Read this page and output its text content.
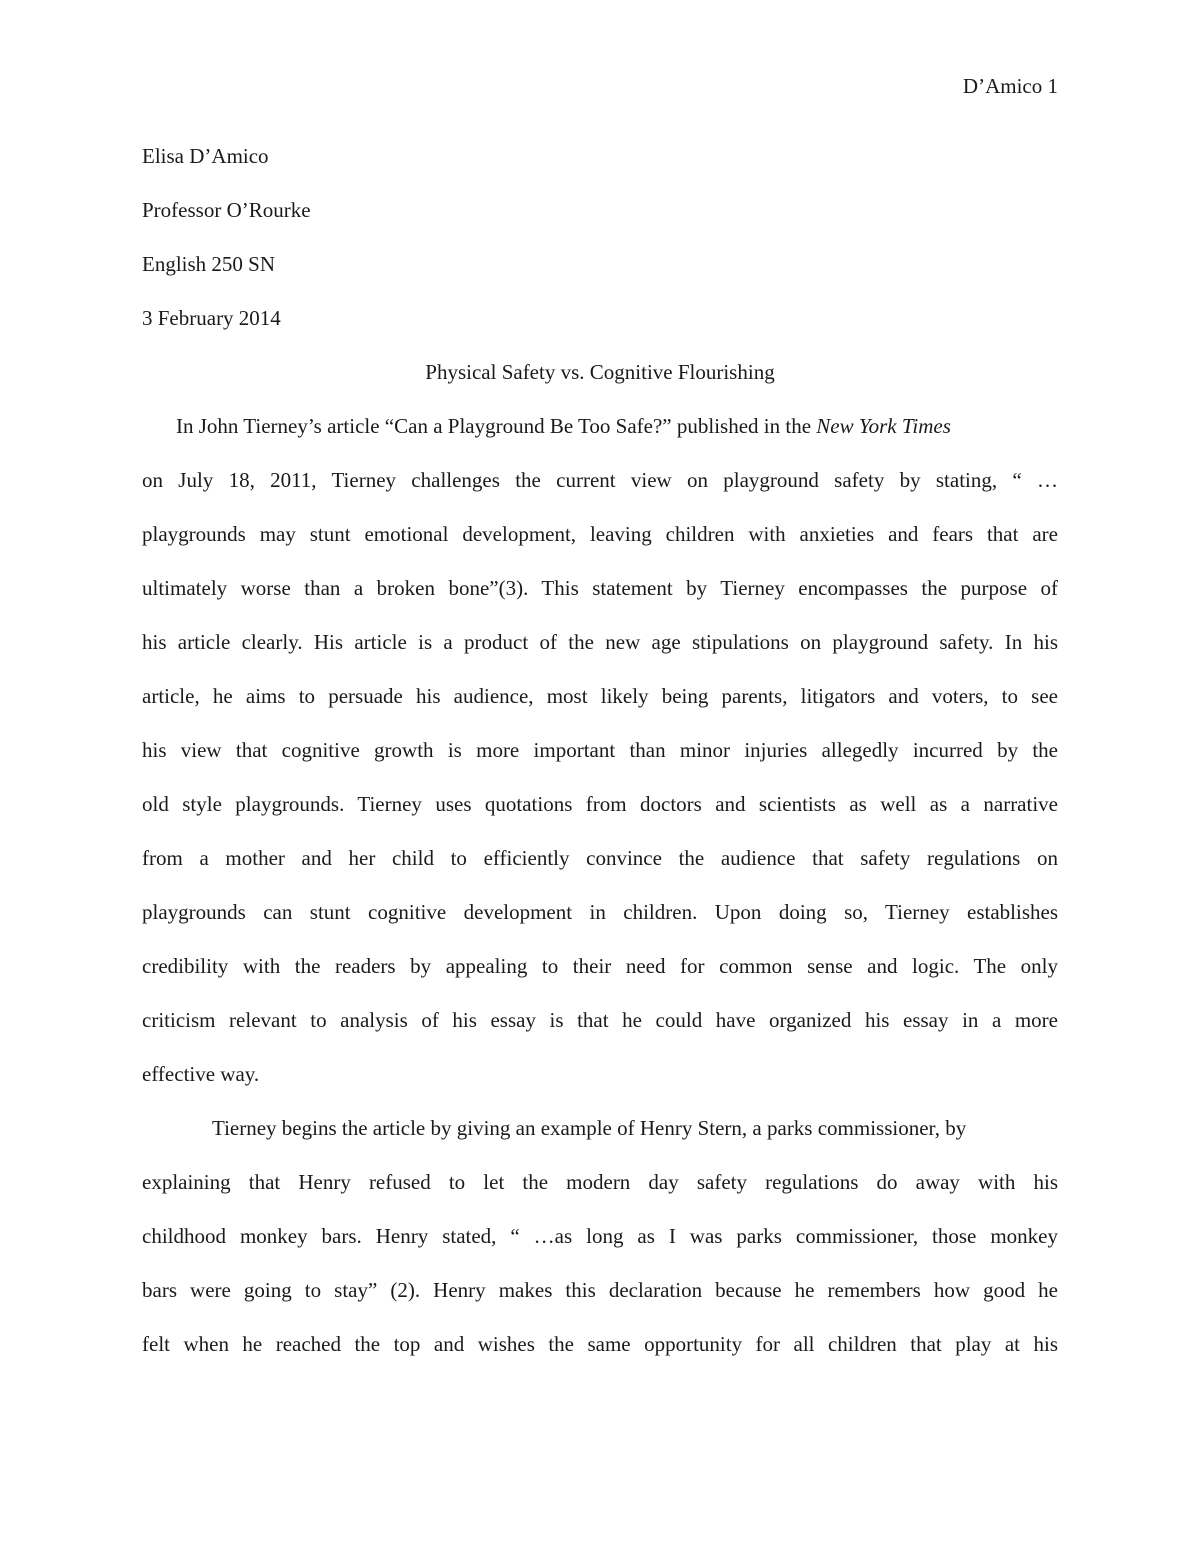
D’Amico 1
Elisa D’Amico
Professor O’Rourke
English 250 SN
3 February 2014
Physical Safety vs. Cognitive Flourishing
In John Tierney’s article “Can a Playground Be Too Safe?” published in the New York Times
on July 18, 2011, Tierney challenges the current view on playground safety by stating, “ …
playgrounds may stunt emotional development, leaving children with anxieties and fears that are
ultimately worse than a broken bone”(3). This statement by Tierney encompasses the purpose of
his article clearly. His article is a product of the new age stipulations on playground safety. In his
article, he aims to persuade his audience, most likely being parents, litigators and voters, to see
his view that cognitive growth is more important than minor injuries allegedly incurred by the
old style playgrounds. Tierney uses quotations from doctors and scientists as well as a narrative
from a mother and her child to efficiently convince the audience that safety regulations on
playgrounds can stunt cognitive development in children. Upon doing so, Tierney establishes
credibility with the readers by appealing to their need for common sense and logic. The only
criticism relevant to analysis of his essay is that he could have organized his essay in a more
effective way.
Tierney begins the article by giving an example of Henry Stern, a parks commissioner, by
explaining that Henry refused to let the modern day safety regulations do away with his
childhood monkey bars. Henry stated, “ …as long as I was parks commissioner, those monkey
bars were going to stay” (2). Henry makes this declaration because he remembers how good he
felt when he reached the top and wishes the same opportunity for all children that play at his
